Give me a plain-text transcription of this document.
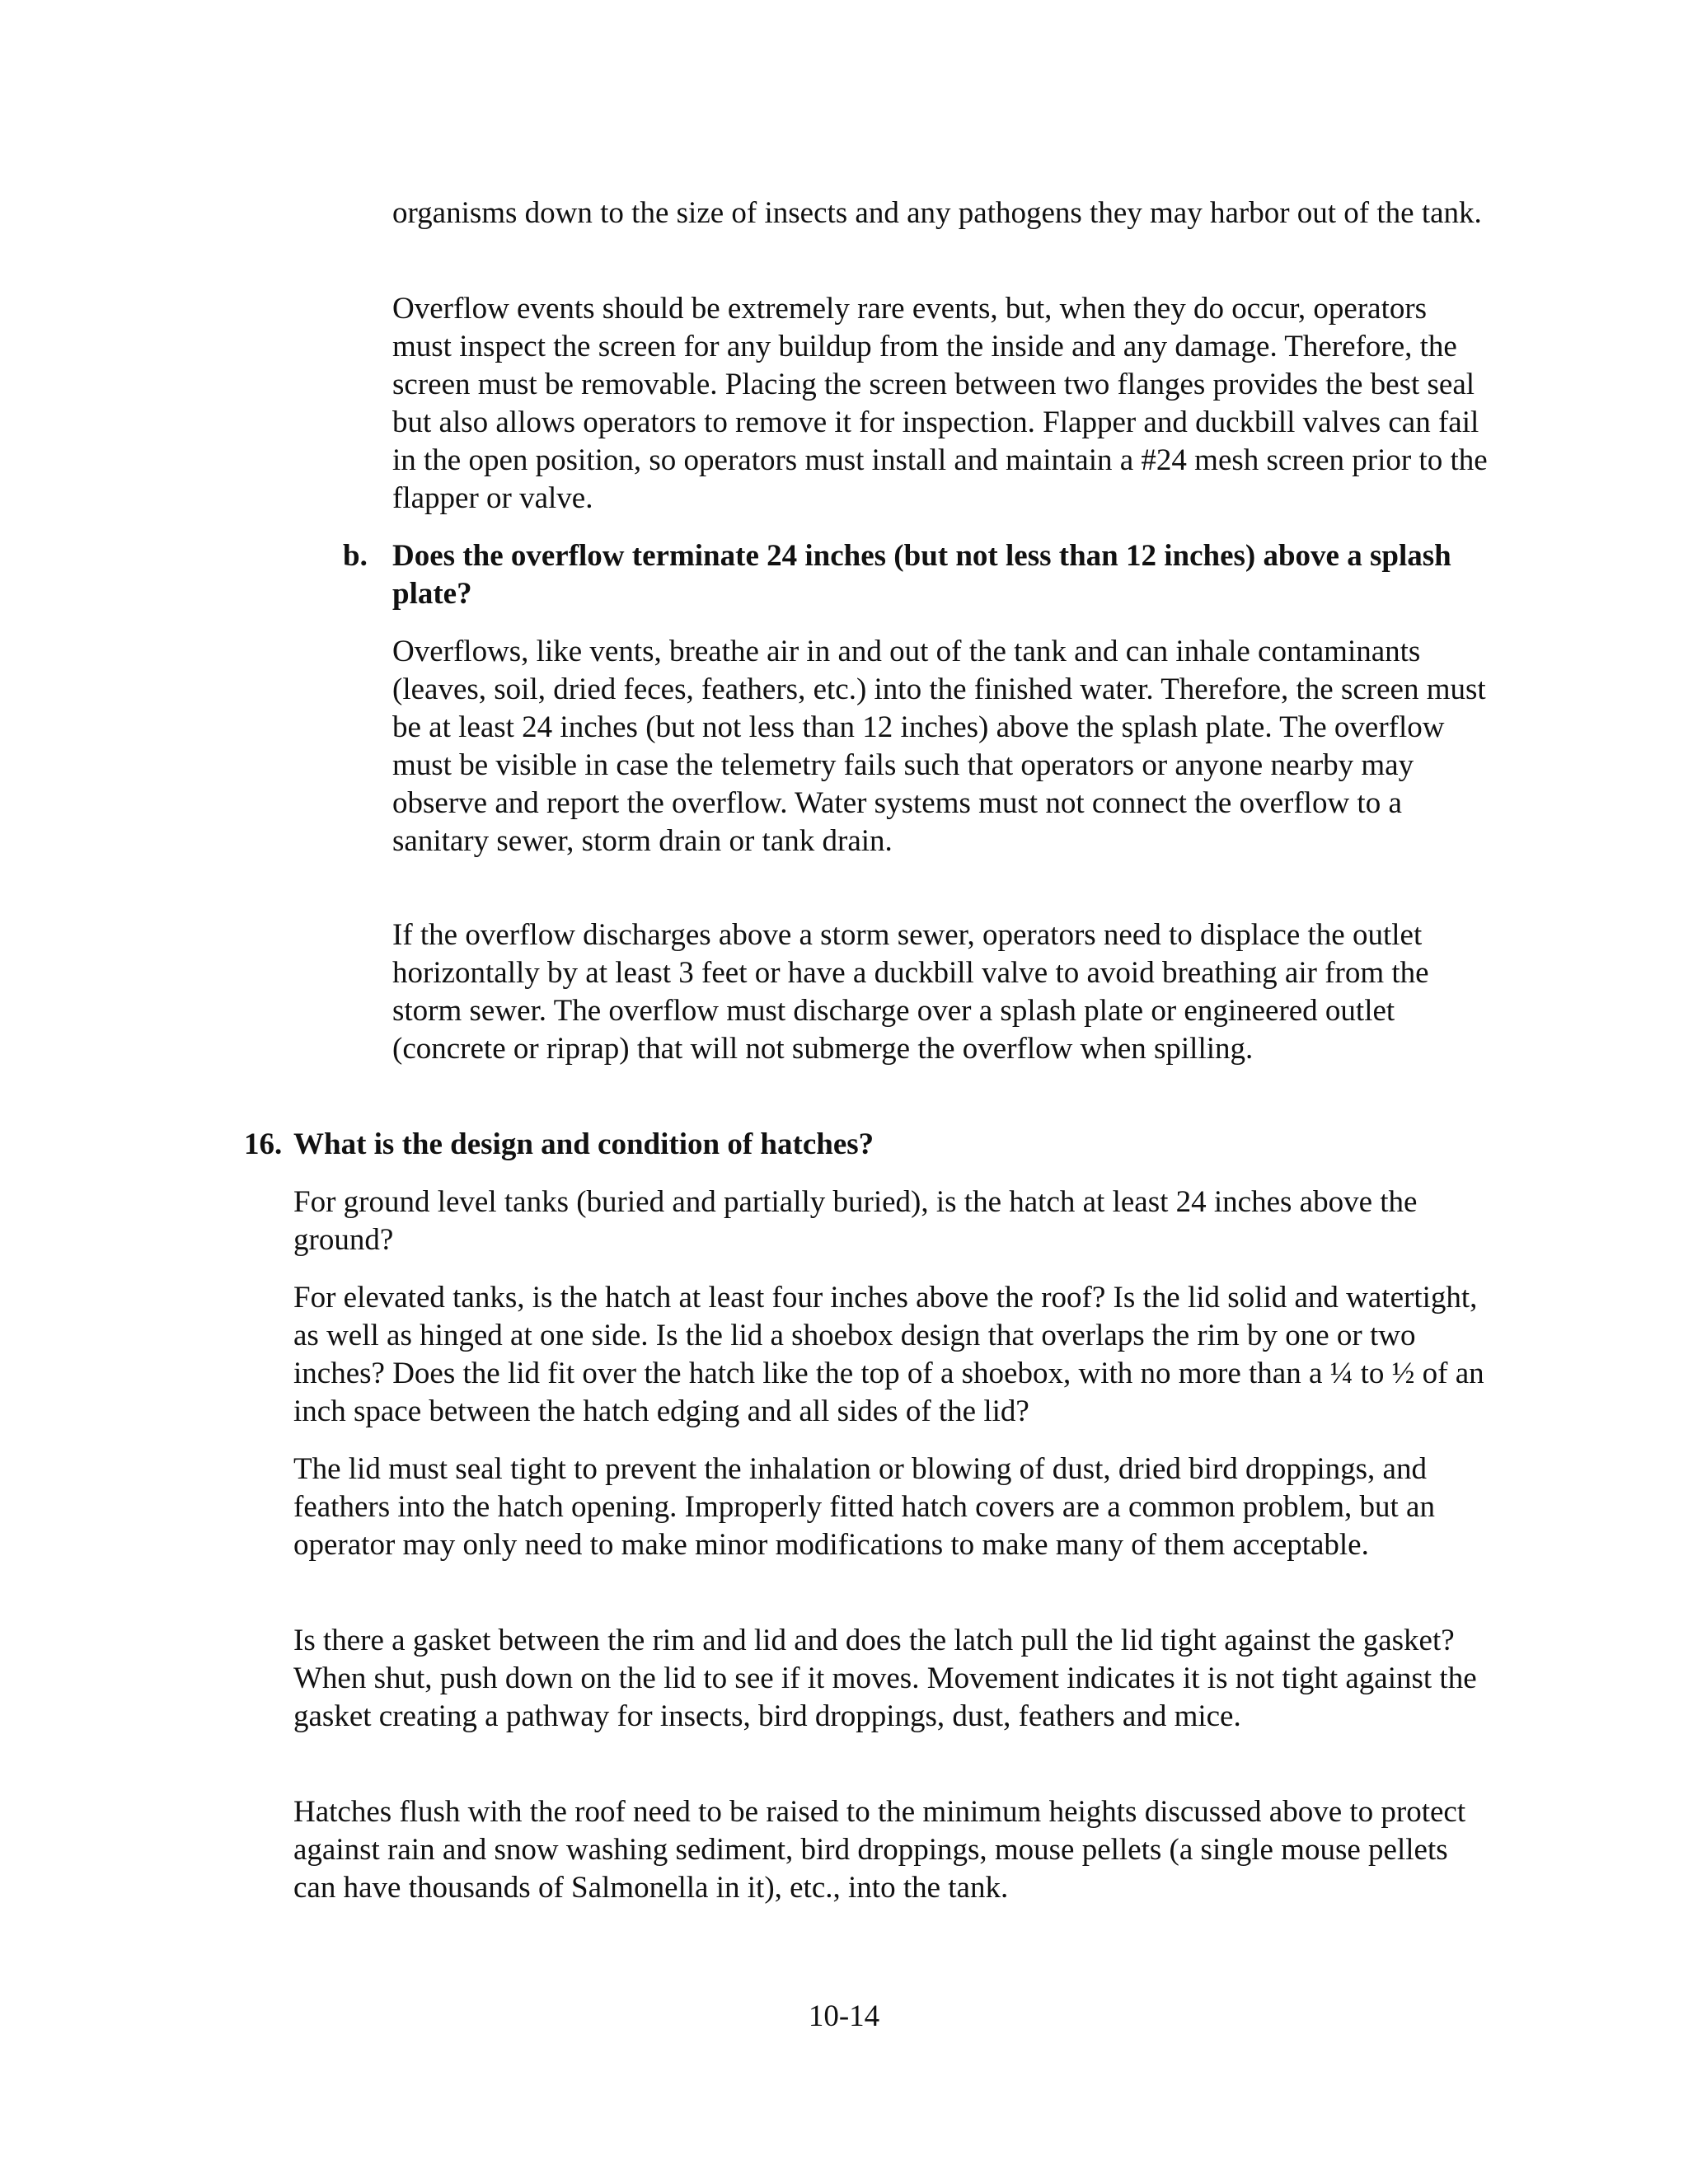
organisms down to the size of insects and any pathogens they may harbor out of the tank.

Overflow events should be extremely rare events, but, when they do occur, operators must inspect the screen for any buildup from the inside and any damage. Therefore, the screen must be removable. Placing the screen between two flanges provides the best seal but also allows operators to remove it for inspection. Flapper and duckbill valves can fail in the open position, so operators must install and maintain a #24 mesh screen prior to the flapper or valve.

b. Does the overflow terminate 24 inches (but not less than 12 inches) above a splash plate?

Overflows, like vents, breathe air in and out of the tank and can inhale contaminants (leaves, soil, dried feces, feathers, etc.) into the finished water. Therefore, the screen must be at least 24 inches (but not less than 12 inches) above the splash plate. The overflow must be visible in case the telemetry fails such that operators or anyone nearby may observe and report the overflow. Water systems must not connect the overflow to a sanitary sewer, storm drain or tank drain.

If the overflow discharges above a storm sewer, operators need to displace the outlet horizontally by at least 3 feet or have a duckbill valve to avoid breathing air from the storm sewer. The overflow must discharge over a splash plate or engineered outlet (concrete or riprap) that will not submerge the overflow when spilling.

16. What is the design and condition of hatches?

For ground level tanks (buried and partially buried), is the hatch at least 24 inches above the ground?

For elevated tanks, is the hatch at least four inches above the roof? Is the lid solid and watertight, as well as hinged at one side. Is the lid a shoebox design that overlaps the rim by one or two inches? Does the lid fit over the hatch like the top of a shoebox, with no more than a ¼ to ½ of an inch space between the hatch edging and all sides of the lid?

The lid must seal tight to prevent the inhalation or blowing of dust, dried bird droppings, and feathers into the hatch opening. Improperly fitted hatch covers are a common problem, but an operator may only need to make minor modifications to make many of them acceptable.

Is there a gasket between the rim and lid and does the latch pull the lid tight against the gasket? When shut, push down on the lid to see if it moves. Movement indicates it is not tight against the gasket creating a pathway for insects, bird droppings, dust, feathers and mice.

Hatches flush with the roof need to be raised to the minimum heights discussed above to protect against rain and snow washing sediment, bird droppings, mouse pellets (a single mouse pellets can have thousands of Salmonella in it), etc., into the tank.

10-14
